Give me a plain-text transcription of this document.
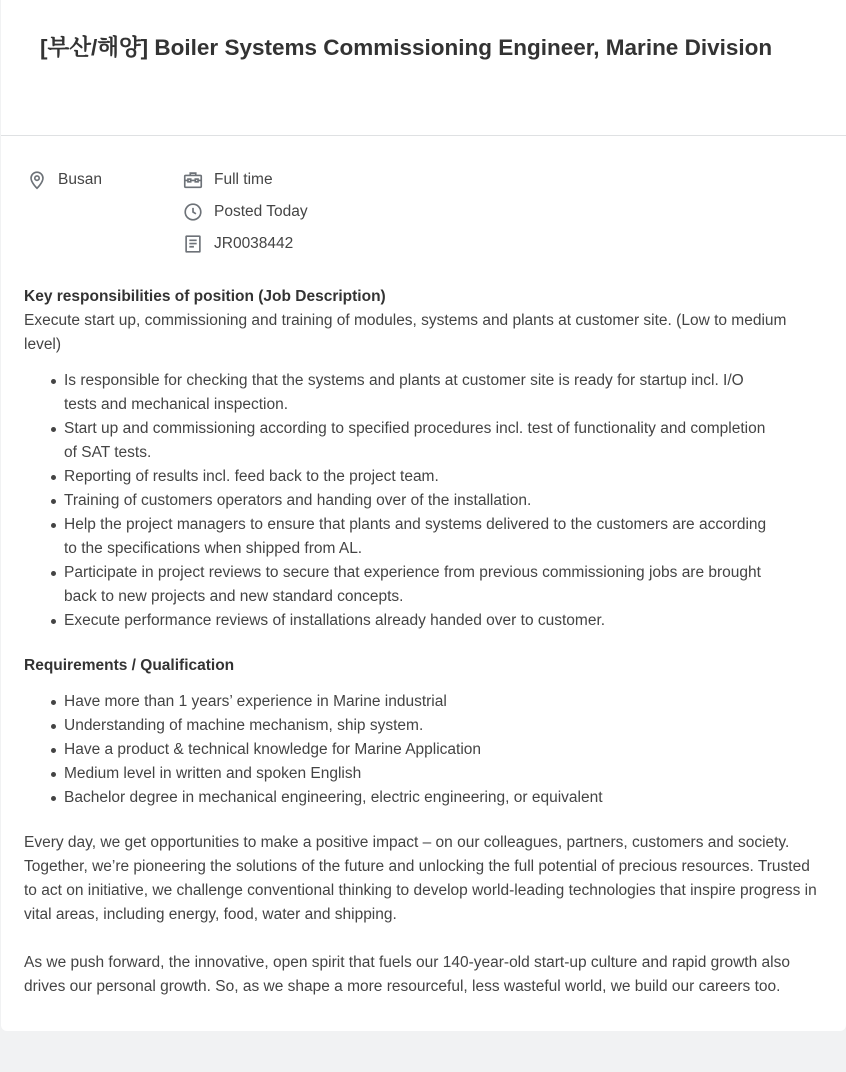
[부산/해양] Boiler Systems Commissioning Engineer, Marine Division
Busan	Full time
Posted Today
JR0038442
Key responsibilities of position (Job Description)
Execute start up, commissioning and training of modules, systems and plants at customer site. (Low to medium level)
Is responsible for checking that the systems and plants at customer site is ready for startup incl. I/O tests and mechanical inspection.
Start up and commissioning according to specified procedures incl. test of functionality and completion of SAT tests.
Reporting of results incl. feed back to the project team.
Training of customers operators and handing over of the installation.
Help the project managers to ensure that plants and systems delivered to the customers are according to the specifications when shipped from AL.
Participate in project reviews to secure that experience from previous commissioning jobs are brought back to new projects and new standard concepts.
Execute performance reviews of installations already handed over to customer.
Requirements / Qualification
Have more than 1 years’ experience in Marine industrial
Understanding of machine mechanism, ship system.
Have a product & technical knowledge for Marine Application
Medium level in written and spoken English
Bachelor degree in mechanical engineering, electric engineering, or equivalent

Every day, we get opportunities to make a positive impact – on our colleagues, partners, customers and society. Together, we’re pioneering the solutions of the future and unlocking the full potential of precious resources. Trusted to act on initiative, we challenge conventional thinking to develop world-leading technologies that inspire progress in vital areas, including energy, food, water and shipping.

As we push forward, the innovative, open spirit that fuels our 140-year-old start-up culture and rapid growth also drives our personal growth. So, as we shape a more resourceful, less wasteful world, we build our careers too.
